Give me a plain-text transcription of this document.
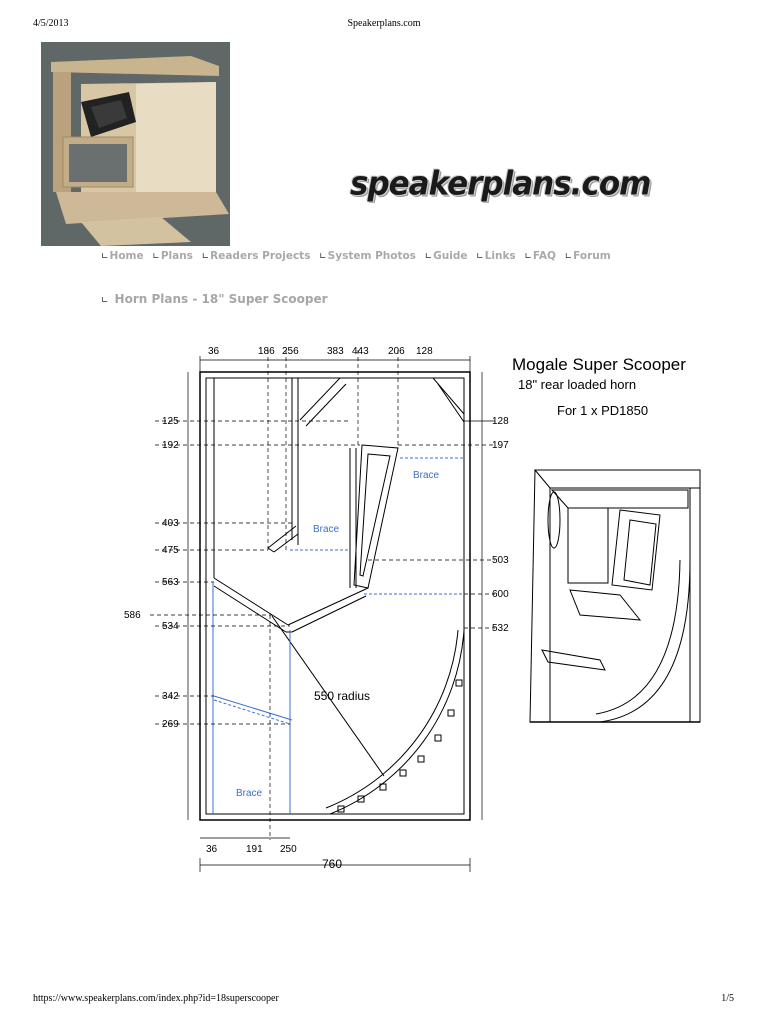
4/5/2013	Speakerplans.com
speakerplans.com
∟Home ∟Plans ∟Readers Projects ∟System Photos ∟Guide ∟Links ∟FAQ ∟Forum
∟ Horn Plans - 18" Super Scooper
36	186 256	383 443 206 128
125
192
403
475
563
586
534
342
269
128
197
503
600
532
36	191 250
760
550 radius
Brace
Brace
Brace
Mogale Super Scooper
18" rear loaded horn
For 1 x PD1850
https://www.speakerplans.com/index.php?id=18superscooper	1/5
